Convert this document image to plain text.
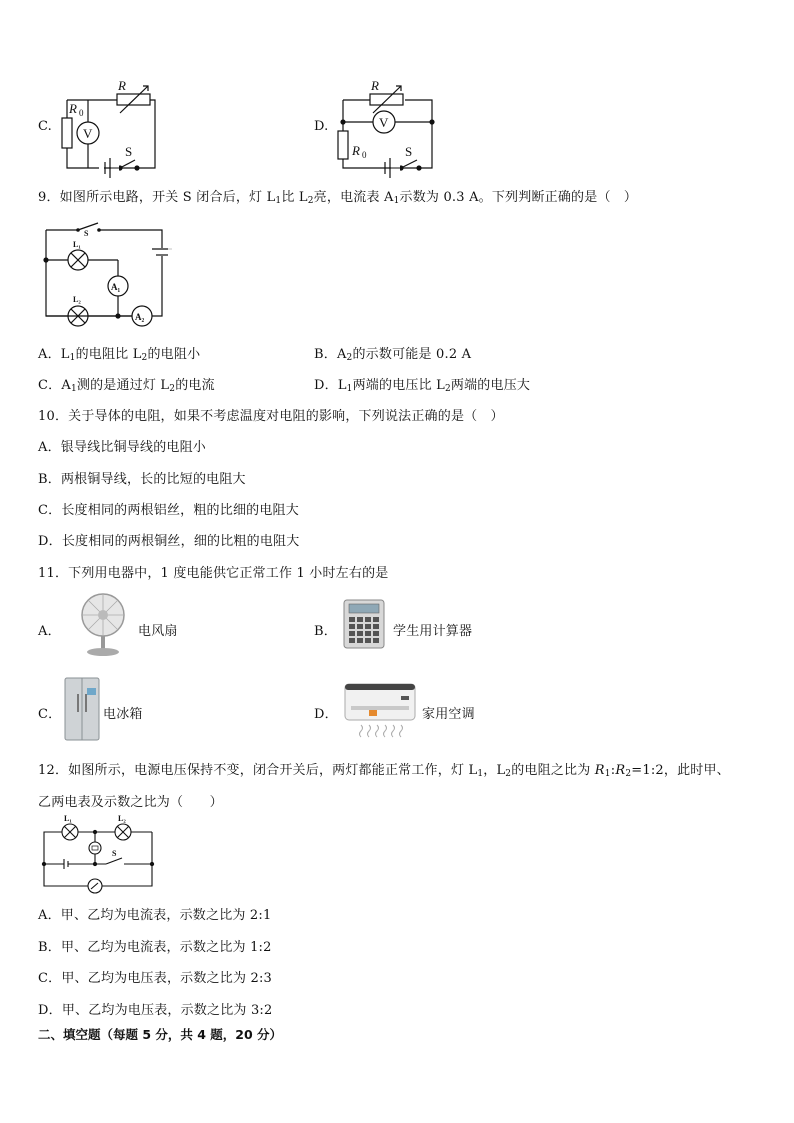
C.
R
R 0
V
S
D.
R
R 0
V
S
9．如图所示电路，开关 S 闭合后，灯 $L_1$比 $L_2$亮，电流表 $A_1$示数为 0.3 A。下列判断正确的是（　）
S
L₁
L₂
A₁
A₂
A．$L_1$的电阻比 $L_2$的电阻小	B．$A_2$的示数可能是 0.2 A
C．$A_1$测的是通过灯 $L_2$的电流	D．$L_1$两端的电压比 $L_2$两端的电压大
10．关于导体的电阻，如果不考虑温度对电阻的影响，下列说法正确的是（　）
A．银导线比铜导线的电阻小
B．两根铜导线，长的比短的电阻大
C．长度相同的两根铝丝，粗的比细的电阻大
D．长度相同的两根铜丝，细的比粗的电阻大
11．下列用电器中，1 度电能供它正常工作 1 小时左右的是
A．	电风扇	B．	学生用计算器
C．	电冰箱	D．	家用空调
12．如图所示，电源电压保持不变，闭合开关后，两灯都能正常工作，灯 $L_1$，$L_2$的电阻之比为 $R_1:R_2=1:2$，此时甲、
乙两电表及示数之比为（　　）
L₁	L₂
S
A．甲、乙均为电流表，示数之比为 2:1
B．甲、乙均为电流表，示数之比为 1:2
C．甲、乙均为电压表，示数之比为 2:3
D．甲、乙均为电压表，示数之比为 3:2
二、填空题（每题 5 分，共 4 题，20 分）
